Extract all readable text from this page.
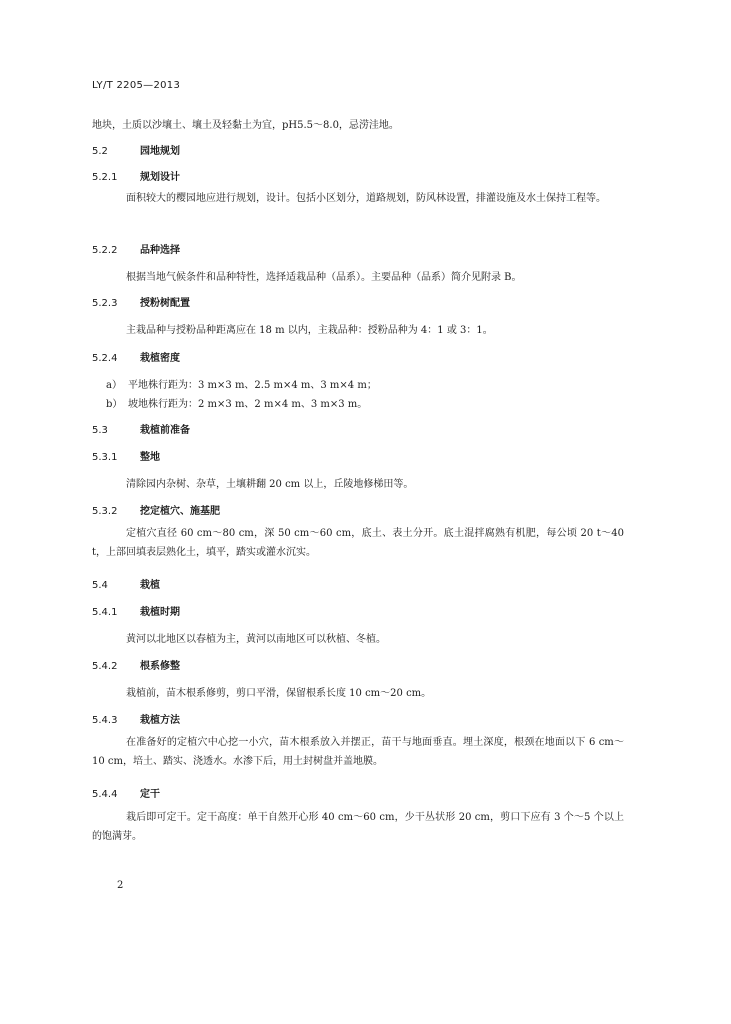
LY/T 2205—2013
地块，土质以沙壤土、壤土及轻黏土为宜，pH5.5～8.0，忌涝洼地。
5.2	园地规划
5.2.1 规划设计
面积较大的樱园地应进行规划，设计。包括小区划分，道路规划，防风林设置，排灌设施及水土保持工程等。
5.2.2 品种选择
根据当地气候条件和品种特性，选择适栽品种（品系）。主要品种（品系）简介见附录 B。
5.2.3 授粉树配置
主栽品种与授粉品种距离应在 18 m 以内，主栽品种：授粉品种为 4：1 或 3：1。
5.2.4 栽植密度
a） 平地株行距为：3 m×3 m、2.5 m×4 m、3 m×4 m；
b） 坡地株行距为：2 m×3 m、2 m×4 m、3 m×3 m。
5.3	栽植前准备
5.3.1 整地
清除园内杂树、杂草，土壤耕翻 20 cm 以上，丘陵地修梯田等。
5.3.2 挖定植穴、施基肥
定植穴直径 60 cm～80 cm，深 50 cm～60 cm，底土、表土分开。底土混拌腐熟有机肥，每公顷 20 t～40 t，上部回填表层熟化土，填平，踏实或灌水沉实。
5.4	栽植
5.4.1 栽植时期
黄河以北地区以春植为主，黄河以南地区可以秋植、冬植。
5.4.2 根系修整
栽植前，苗木根系修剪，剪口平滑，保留根系长度 10 cm～20 cm。
5.4.3 栽植方法
在准备好的定植穴中心挖一小穴，苗木根系放入并摆正，苗干与地面垂直。埋土深度，根颈在地面以下 6 cm～10 cm，培土、踏实、浇透水。水渗下后，用土封树盘并盖地膜。
5.4.4 定干
栽后即可定干。定干高度：单干自然开心形 40 cm～60 cm，少干丛状形 20 cm，剪口下应有 3 个～5 个以上的饱满芽。
2
